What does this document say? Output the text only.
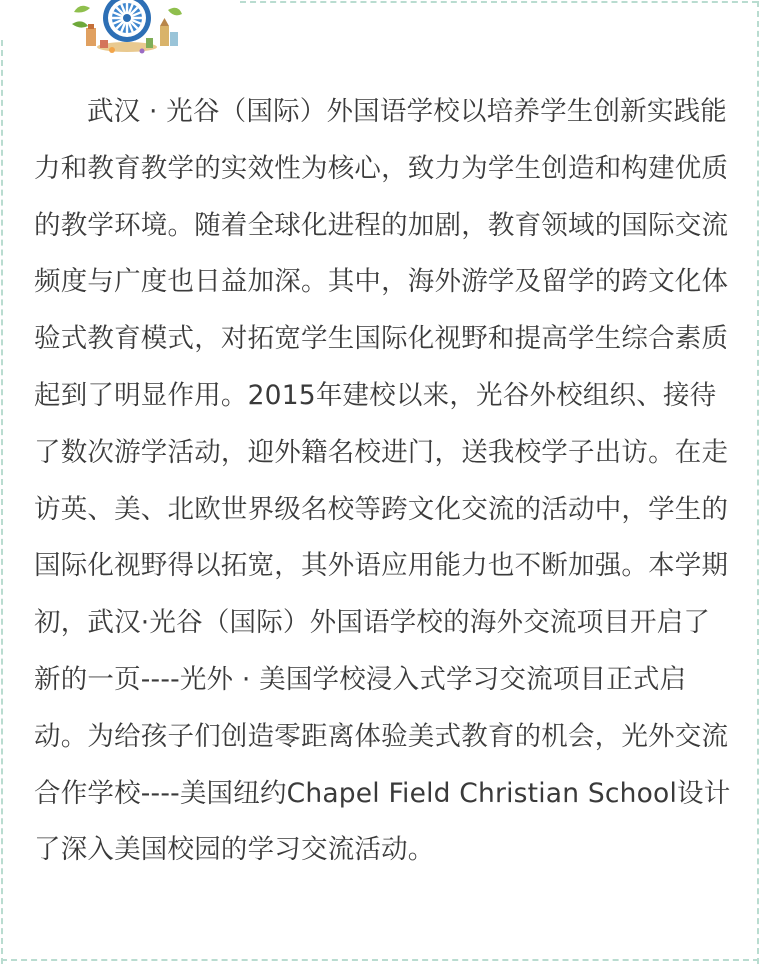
武汉 · 光谷（国际）外国语学校以培养学生创新实践能力和教育教学的实效性为核心，致力为学生创造和构建优质的教学环境。随着全球化进程的加剧，教育领域的国际交流频度与广度也日益加深。其中，海外游学及留学的跨文化体验式教育模式，对拓宽学生国际化视野和提高学生综合素质起到了明显作用。2015年建校以来，光谷外校组织、接待了数次游学活动，迎外籍名校进门，送我校学子出访。在走访英、美、北欧世界级名校等跨文化交流的活动中，学生的国际化视野得以拓宽，其外语应用能力也不断加强。本学期初，武汉·光谷（国际）外国语学校的海外交流项目开启了新的一页----光外 · 美国学校浸入式学习交流项目正式启动。为给孩子们创造零距离体验美式教育的机会，光外交流合作学校----美国纽约Chapel Field Christian School设计了深入美国校园的学习交流活动。
